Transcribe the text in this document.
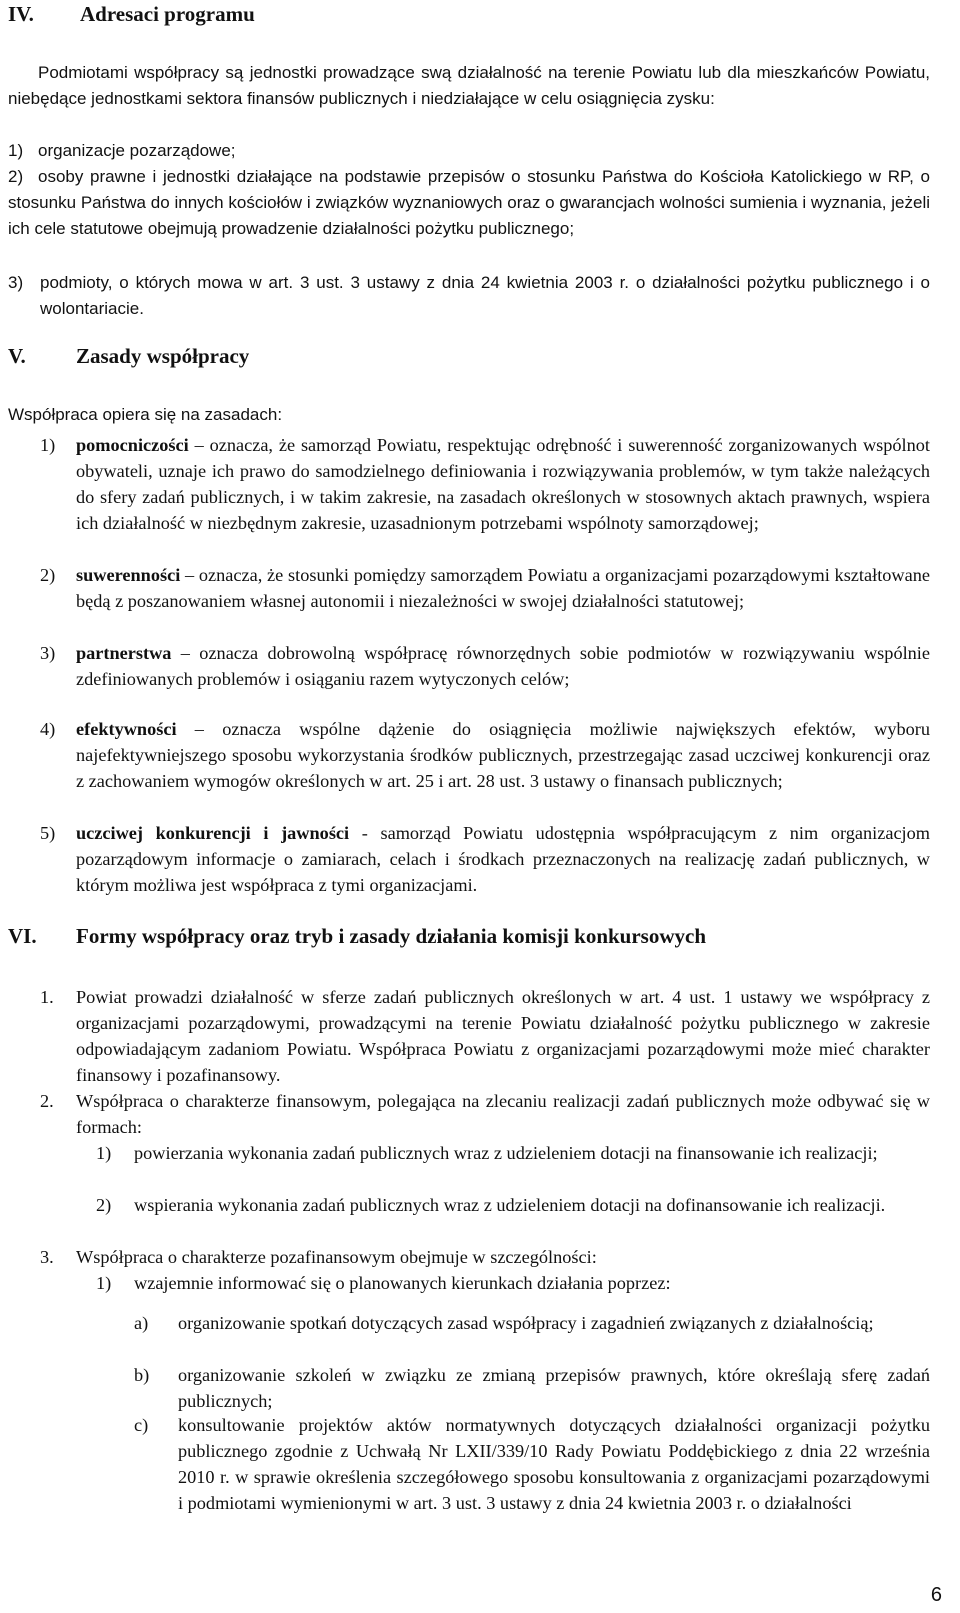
IV. Adresaci programu
Podmiotami współpracy są jednostki prowadzące swą działalność na terenie Powiatu lub dla mieszkańców Powiatu, niebędące jednostkami sektora finansów publicznych i niedziałające w celu osiągnięcia zysku:
1) organizacje pozarządowe;
2) osoby prawne i jednostki działające na podstawie przepisów o stosunku Państwa do Kościoła Katolickiego w RP, o stosunku Państwa do innych kościołów i związków wyznaniowych oraz o gwarancjach wolności sumienia i wyznania, jeżeli ich cele statutowe obejmują prowadzenie działalności pożytku publicznego;
3) podmioty, o których mowa w art. 3 ust. 3 ustawy z dnia 24 kwietnia 2003 r. o działalności pożytku publicznego i o wolontariacie.
V. Zasady współpracy
Współpraca opiera się na zasadach:
1) pomocniczości – oznacza, że samorząd Powiatu, respektując odrębność i suwerenność zorganizowanych wspólnot obywateli, uznaje ich prawo do samodzielnego definiowania i rozwiązywania problemów, w tym także należących do sfery zadań publicznych, i w takim zakresie, na zasadach określonych w stosownych aktach prawnych, wspiera ich działalność w niezbędnym zakresie, uzasadnionym potrzebami wspólnoty samorządowej;
2) suwerenności – oznacza, że stosunki pomiędzy samorządem Powiatu a organizacjami pozarządowymi kształtowane będą z poszanowaniem własnej autonomii i niezależności w swojej działalności statutowej;
3) partnerstwa – oznacza dobrowolną współpracę równorzędnych sobie podmiotów w rozwiązywaniu wspólnie zdefiniowanych problemów i osiąganiu razem wytyczonych celów;
4) efektywności – oznacza wspólne dążenie do osiągnięcia możliwie największych efektów, wyboru najefektywniejszego sposobu wykorzystania środków publicznych, przestrzegając zasad uczciwej konkurencji oraz z zachowaniem wymogów określonych w art. 25 i art. 28 ust. 3 ustawy o finansach publicznych;
5) uczciwej konkurencji i jawności - samorząd Powiatu udostępnia współpracującym z nim organizacjom pozarządowym informacje o zamiarach, celach i środkach przeznaczonych na realizację zadań publicznych, w którym możliwa jest współpraca z tymi organizacjami.
VI. Formy współpracy oraz tryb i zasady działania komisji konkursowych
1. Powiat prowadzi działalność w sferze zadań publicznych określonych w art. 4 ust. 1 ustawy we współpracy z organizacjami pozarządowymi, prowadzącymi na terenie Powiatu działalność pożytku publicznego w zakresie odpowiadającym zadaniom Powiatu. Współpraca Powiatu z organizacjami pozarządowymi może mieć charakter finansowy i pozafinansowy.
2. Współpraca o charakterze finansowym, polegająca na zlecaniu realizacji zadań publicznych może odbywać się w formach:
1) powierzania wykonania zadań publicznych wraz z udzieleniem dotacji na finansowanie ich realizacji;
2) wspierania wykonania zadań publicznych wraz z udzieleniem dotacji na dofinansowanie ich realizacji.
3. Współpraca o charakterze pozafinansowym obejmuje w szczególności:
1) wzajemnie informować się o planowanych kierunkach działania poprzez:
a) organizowanie spotkań dotyczących zasad współpracy i zagadnień związanych z działalnością;
b) organizowanie szkoleń w związku ze zmianą przepisów prawnych, które określają sferę zadań publicznych;
c) konsultowanie projektów aktów normatywnych dotyczących działalności organizacji pożytku publicznego zgodnie z Uchwałą Nr LXII/339/10 Rady Powiatu Poddębickiego z dnia 22 września 2010 r. w sprawie określenia szczegółowego sposobu konsultowania z organizacjami pozarządowymi i podmiotami wymienionymi w art. 3 ust. 3 ustawy z dnia 24 kwietnia 2003 r. o działalności
6
